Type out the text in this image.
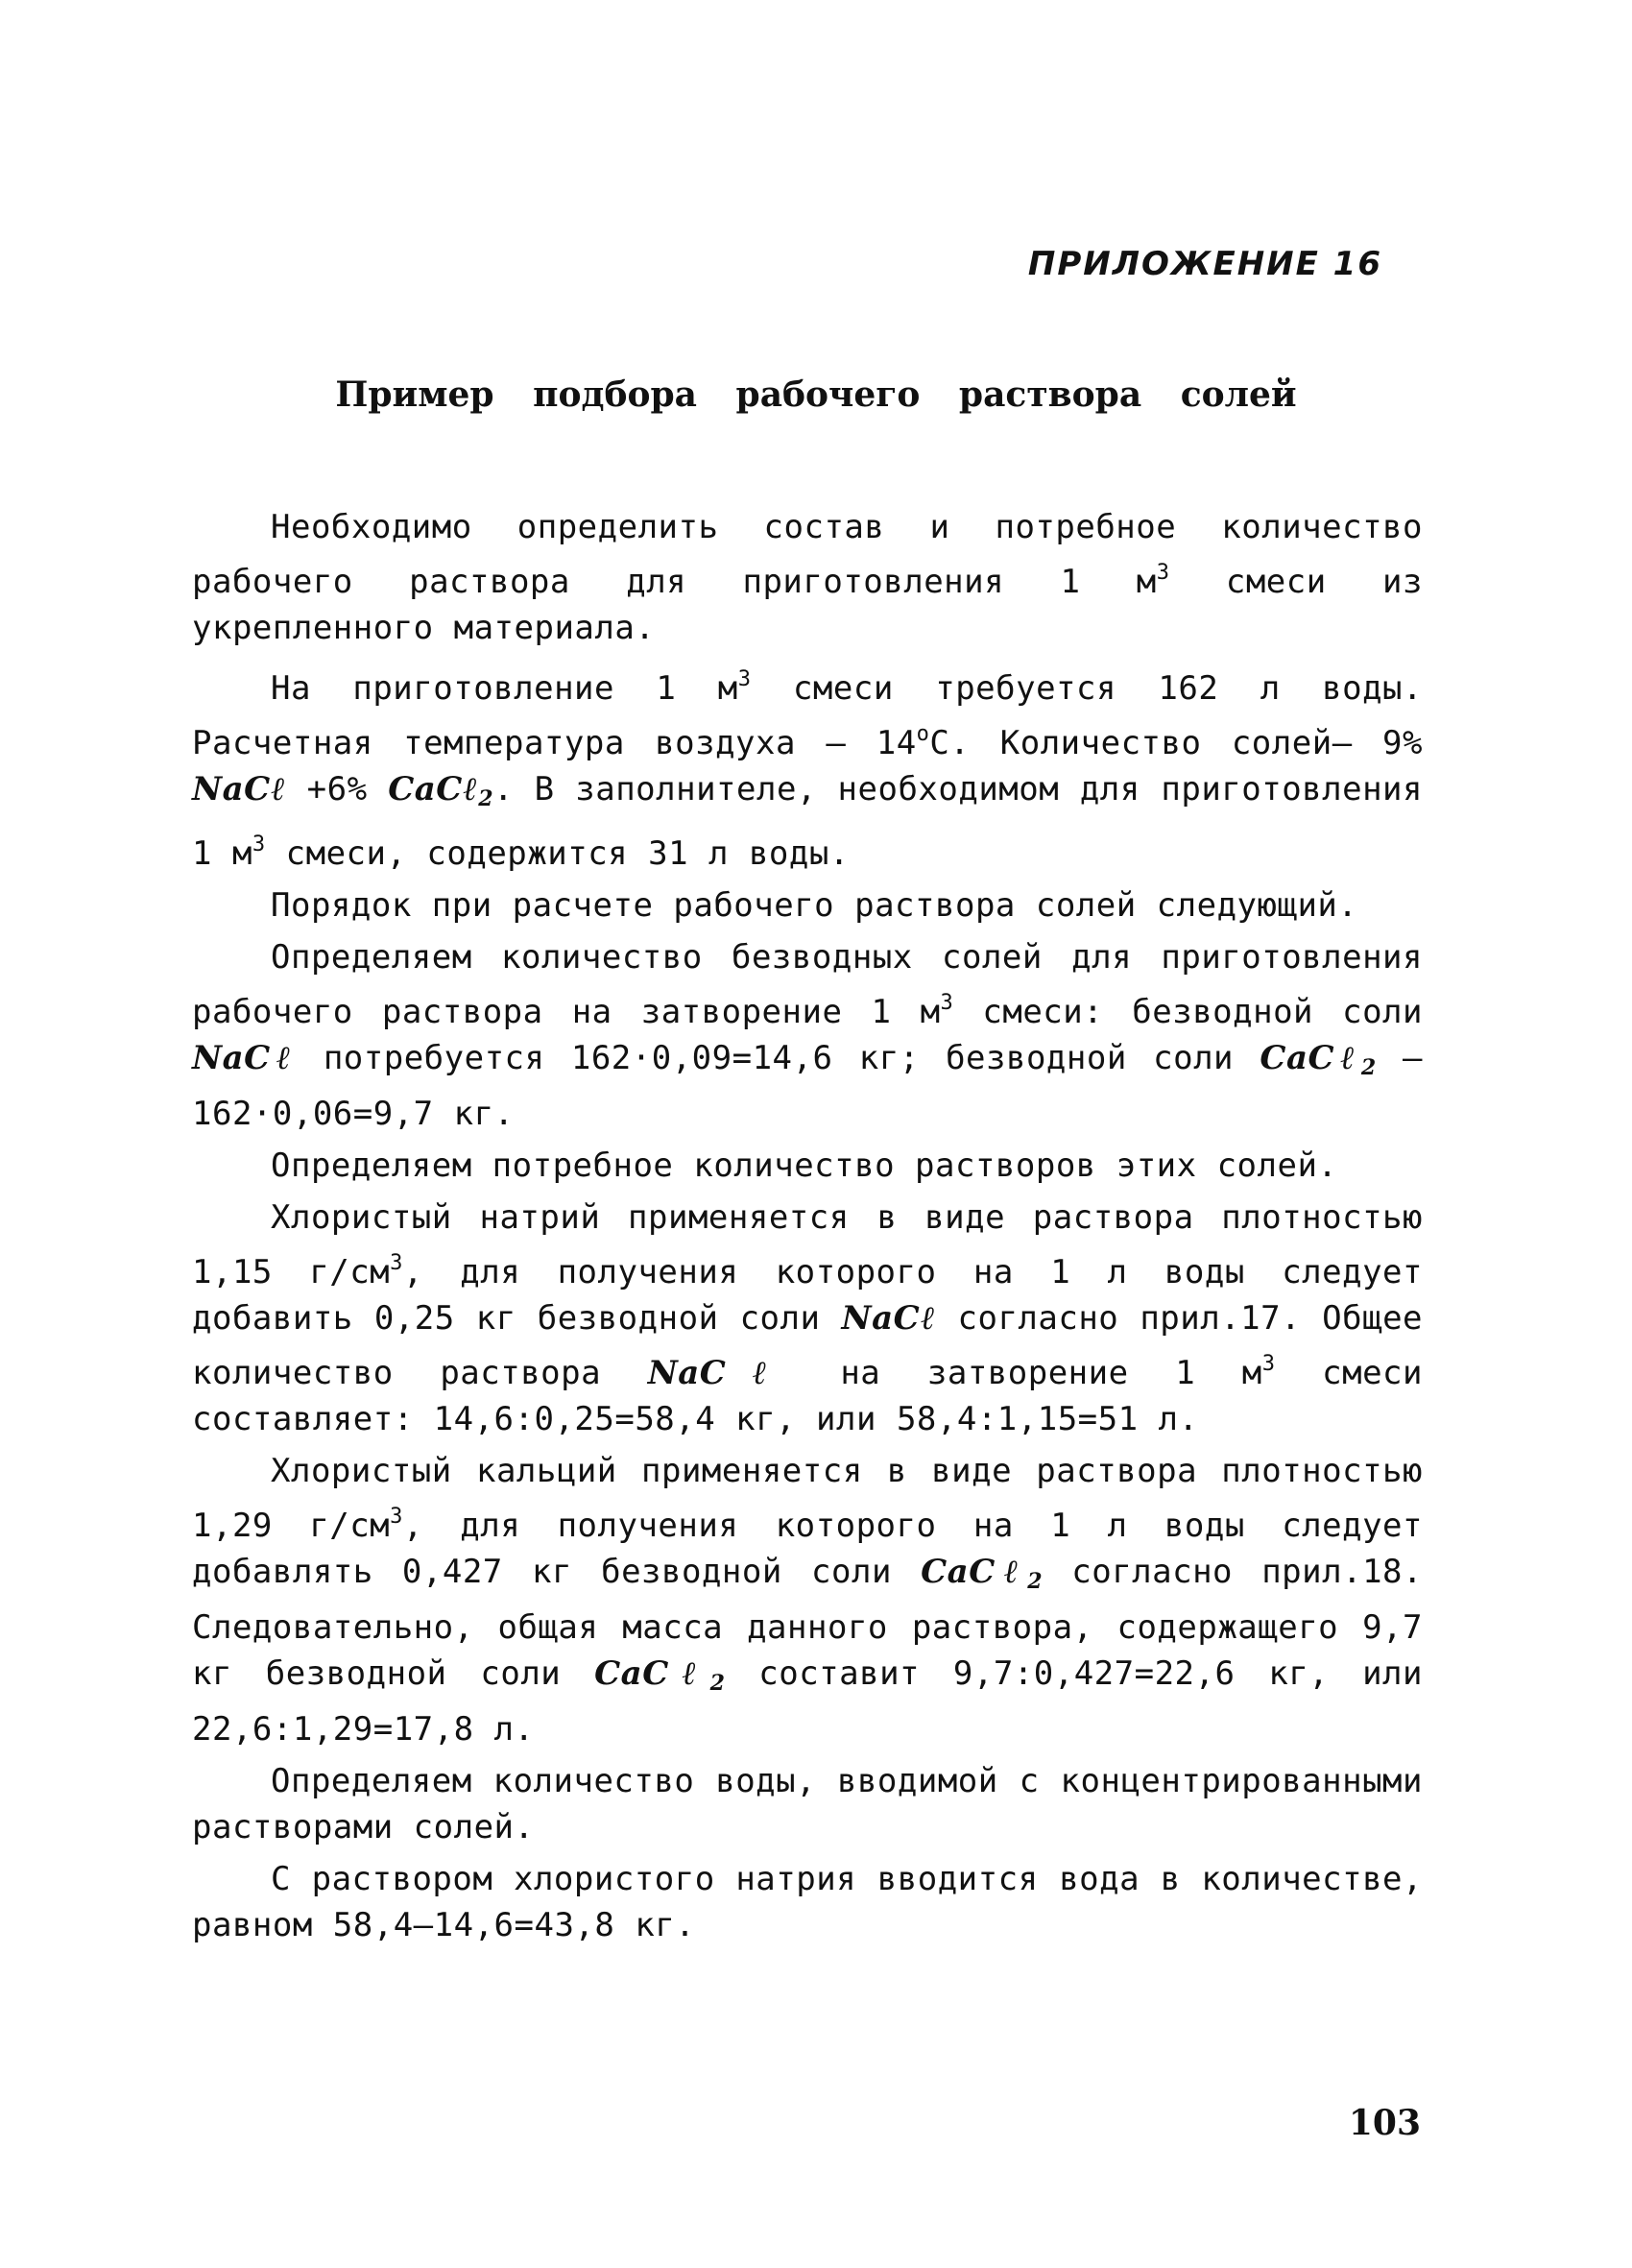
ПРИЛОЖЕНИЕ 16
Пример подбора рабочего раствора солей

Необходимо определить состав и потребное количество рабочего раствора для приготовления 1 $м^3$ смеси из укрепленного материала.

На приготовление 1 $м^3$ смеси требуется 162 л воды. Расчетная температура воздуха – $14^оС$. Количество солей– 9% NaCℓ +6% CaCℓ$_2$. В заполнителе, необходимом для приготовления 1 $м^3$ смеси, содержится 31 л воды.

Порядок при расчете рабочего раствора солей следующий.

Определяем количество безводных солей для приготовления рабочего раствора на затворение 1 $м^3$ смеси: безводной соли NaCℓ потребуется 162·0,09=14,6 кг; безводной соли CaCℓ$_2$ – 162·0,06=9,7 кг.

Определяем потребное количество растворов этих солей.

Хлористый натрий применяется в виде раствора плотностью 1,15 $г/см^3$, для получения которого на 1 л воды следует добавить 0,25 кг безводной соли NaCℓ согласно прил.17. Общее количество раствора NaCℓ на затворение 1 $м^3$ смеси составляет: 14,6:0,25=58,4 кг, или 58,4:1,15=51 л.

Хлористый кальций применяется в виде раствора плотностью 1,29 $г/см^3$, для получения которого на 1 л воды следует добавлять 0,427 кг безводной соли CaCℓ$_2$ согласно прил.18. Следовательно, общая масса данного раствора, содержащего 9,7 кг безводной соли CaCℓ$_2$ составит 9,7:0,427=22,6 кг, или 22,6:1,29=17,8 л.

Определяем количество воды, вводимой с концентрированными растворами солей.

С раствором хлористого натрия вводится вода в количестве, равном 58,4–14,6=43,8 кг.

103
